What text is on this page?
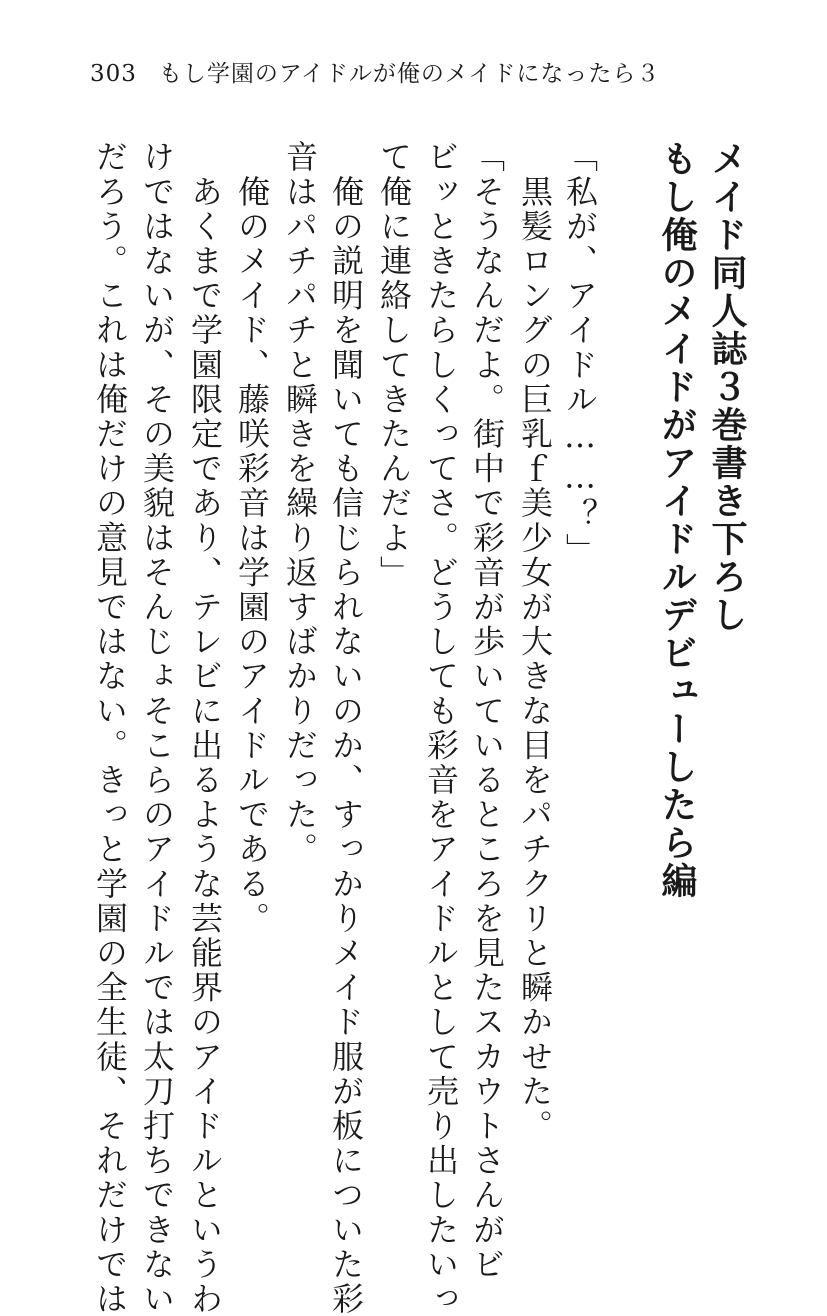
303 もし学園のアイドルが俺のメイドになったら３
メイド同人誌３巻書き下ろし
もし俺のメイドがアイドルデビューしたら編
「私が、アイドル……？」
　黒髪ロングの巨乳ｆ美少女が大きな目をパチクリと瞬かせた。
「そうなんだよ。街中で彩音が歩いているところを見たスカウトさんがビ
ビッときたらしくってさ。どうしても彩音をアイドルとして売り出したいっ
て俺に連絡してきたんだよ」
　俺の説明を聞いても信じられないのか、すっかりメイド服が板についた彩
音はパチパチと瞬きを繰り返すばかりだった。
　俺のメイド、藤咲彩音は学園のアイドルである。
　あくまで学園限定であり、テレビに出るような芸能界のアイドルというわ
けではないが、その美貌はそんじょそこらのアイドルでは太刀打ちできない
だろう。これは俺だけの意見ではない。きっと学園の全生徒、それだけでは
